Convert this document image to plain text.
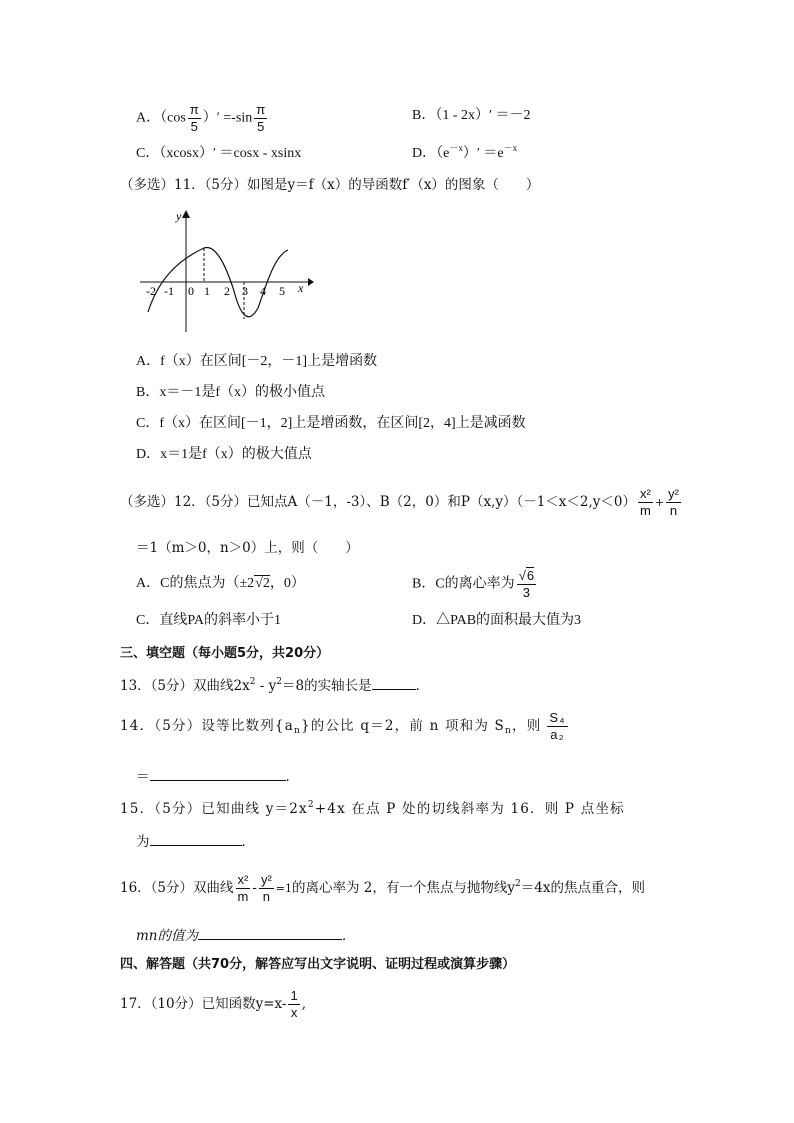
A．（$\cos \frac{\pi}{5}$ ）′ $=-\sin \frac{\pi}{5}$	B．（1 - 2x）′ ＝－2
C．（xcosx）′ ＝cosx - xsinx	D．$(e^{-x})' =e^{-x}$
（多选）11．（5分）如图是y＝f（x）的导函数f′（x）的图象（　　）
y
x
-2 -1	1 2 3 4 5
0
A．f（x）在区间[－2，－1]上是增函数
B．x＝－1是f（x）的极小值点
C．f（x）在区间[－1，2]上是增函数，在区间[2，4]上是减函数
D．x＝1是f（x）的极大值点
（多选）12．（5分）已知点A（－1，-3）、B（2，0）和$P(x,y)(-1<x<2,y<0) \frac{\text{x²}}{m} + \frac{\text{y²}}{n}$
＝1（m＞0，n＞0）上，则（　　）
A．C的焦点为（±2√2，0）	B．C的离心率为 $\frac{√6}{3}$
C．直线PA的斜率小于1	D．△PAB的面积最大值为3
三、填空题（每小题5分，共20分）
13．（5分）双曲线$2x^2 - y^2=8$的实轴长是	．
14．（5分）设等比数列$\{a_n\}$的公比 q＝2，前 n 项和为 $S_n$，则 $\frac{\text{S₄}}{\text{a₂}}$
＝	．
15．（5分）已知曲线 $y=2x^2+4x$ 在点 P 处的切线斜率为 16．则 P 点坐标
为	．
16．（5分）双曲线 $\frac{\text{x²}}{m} - \frac{\text{y²}}{n} =1$的离心率为 2，有一个焦点与抛物线$y^2=4x$的焦点重合，则
mn的值为	．
四、解答题（共70分，解答应写出文字说明、证明过程或演算步骤）
17．（10分）已知函数$y=x- \frac{1}{x}$ ,
